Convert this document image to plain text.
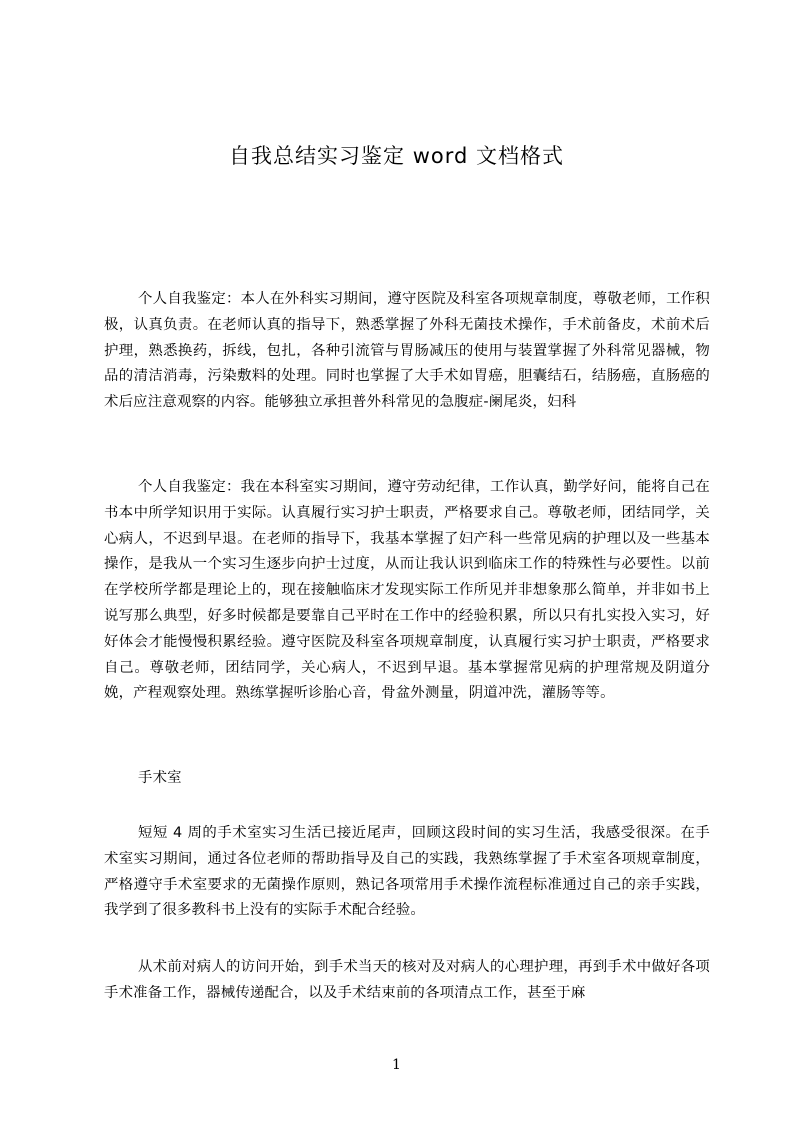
自我总结实习鉴定 word 文档格式

个人自我鉴定：本人在外科实习期间，遵守医院及科室各项规章制度，尊敬老师，工作积极，认真负责。在老师认真的指导下，熟悉掌握了外科无菌技术操作，手术前备皮，术前术后护理，熟悉换药，拆线，包扎，各种引流管与胃肠减压的使用与装置掌握了外科常见器械，物品的清洁消毒，污染敷料的处理。同时也掌握了大手术如胃癌，胆囊结石，结肠癌，直肠癌的术后应注意观察的内容。能够独立承担普外科常见的急腹症-阑尾炎，妇科

个人自我鉴定：我在本科室实习期间，遵守劳动纪律，工作认真，勤学好问，能将自己在书本中所学知识用于实际。认真履行实习护士职责，严格要求自己。尊敬老师，团结同学，关心病人，不迟到早退。在老师的指导下，我基本掌握了妇产科一些常见病的护理以及一些基本操作，是我从一个实习生逐步向护士过度，从而让我认识到临床工作的特殊性与必要性。以前在学校所学都是理论上的，现在接触临床才发现实际工作所见并非想象那么简单，并非如书上说写那么典型，好多时候都是要靠自己平时在工作中的经验积累，所以只有扎实投入实习，好好体会才能慢慢积累经验。遵守医院及科室各项规章制度，认真履行实习护士职责，严格要求自己。尊敬老师，团结同学，关心病人，不迟到早退。基本掌握常见病的护理常规及阴道分娩，产程观察处理。熟练掌握听诊胎心音，骨盆外测量，阴道冲洗，灌肠等等。

手术室

短短 4 周的手术室实习生活已接近尾声，回顾这段时间的实习生活，我感受很深。在手术室实习期间，通过各位老师的帮助指导及自己的实践，我熟练掌握了手术室各项规章制度，严格遵守手术室要求的无菌操作原则，熟记各项常用手术操作流程标准通过自己的亲手实践，我学到了很多教科书上没有的实际手术配合经验。

从术前对病人的访问开始，到手术当天的核对及对病人的心理护理，再到手术中做好各项手术准备工作，器械传递配合，以及手术结束前的各项清点工作，甚至于麻

1
